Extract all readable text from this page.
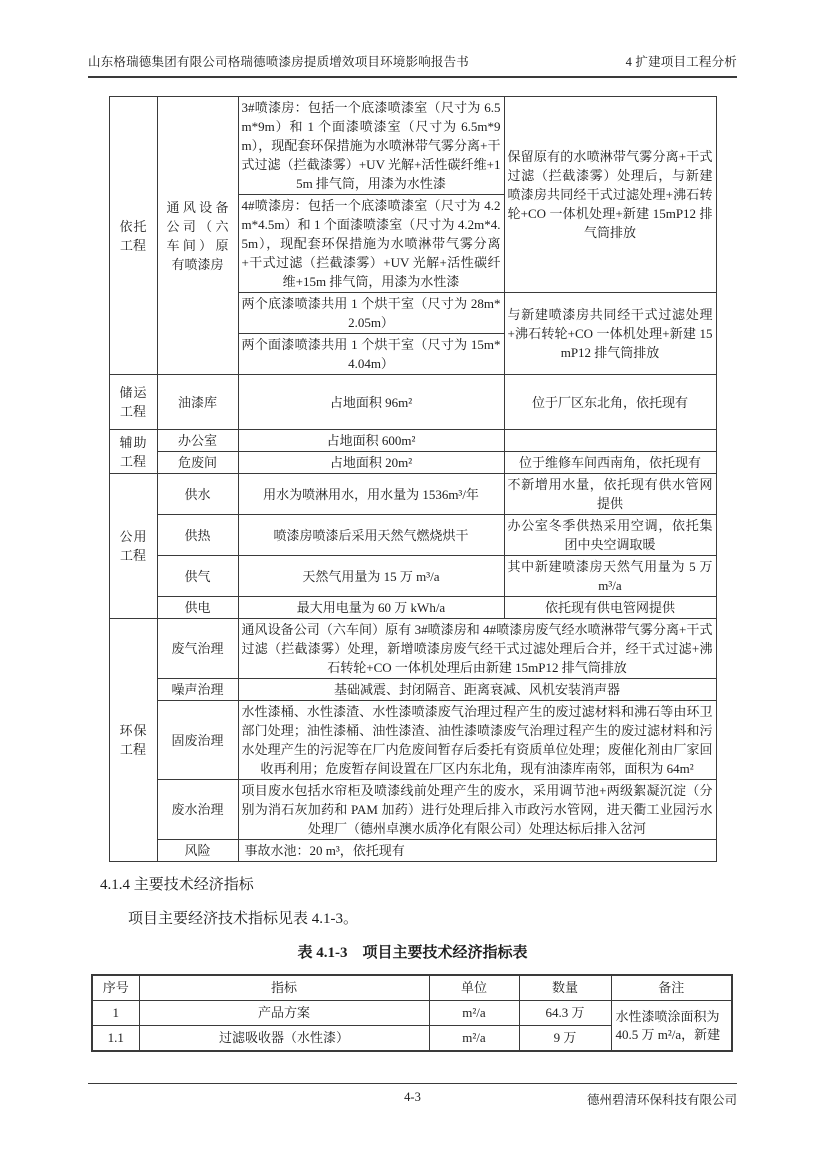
山东格瑞德集团有限公司格瑞德喷漆房提质增效项目环境影响报告书	4 扩建项目工程分析
依托工程	通风设备公司（六车间）原有喷漆房	3#喷漆房：包括一个底漆喷漆室（尺寸为 6.5m*9m）和 1 个面漆喷漆室（尺寸为 6.5m*9m），现配套环保措施为水喷淋带气雾分离+干式过滤（拦截漆雾）+UV 光解+活性碳纤维+15m 排气筒，用漆为水性漆	保留原有的水喷淋带气雾分离+干式过滤（拦截漆雾）处理后，与新建喷漆房共同经干式过滤处理+沸石转轮+CO 一体机处理+新建 15mP12 排气筒排放
		4#喷漆房：包括一个底漆喷漆室（尺寸为 4.2m*4.5m）和 1 个面漆喷漆室（尺寸为 4.2m*4.5m），现配套环保措施为水喷淋带气雾分离+干式过滤（拦截漆雾）+UV 光解+活性碳纤维+15m 排气筒，用漆为水性漆	
		两个底漆喷漆共用 1 个烘干室（尺寸为 28m*2.05m）	与新建喷漆房共同经干式过滤处理+沸石转轮+CO 一体机处理+新建 15mP12 排气筒排放
		两个面漆喷漆共用 1 个烘干室（尺寸为 15m*4.04m）	
储运工程	油漆库	占地面积 96m²	位于厂区东北角，依托现有
辅助工程	办公室	占地面积 600m²	
	危废间	占地面积 20m²	位于维修车间西南角，依托现有
公用工程	供水	用水为喷淋用水，用水量为 1536m³/年	不新增用水量，依托现有供水管网提供
	供热	喷漆房喷漆后采用天然气燃烧烘干	办公室冬季供热采用空调，依托集团中央空调取暖
	供气	天然气用量为 15 万 m³/a	其中新建喷漆房天然气用量为 5 万 m³/a
	供电	最大用电量为 60 万 kWh/a	依托现有供电管网提供
环保工程	废气治理	通风设备公司（六车间）原有 3#喷漆房和 4#喷漆房废气经水喷淋带气雾分离+干式过滤（拦截漆雾）处理，新增喷漆房废气经干式过滤处理后合并，经干式过滤+沸石转轮+CO 一体机处理后由新建 15mP12 排气筒排放	
	噪声治理	基础减震、封闭隔音、距离衰减、风机安装消声器	
	固废治理	水性漆桶、水性漆渣、水性漆喷漆废气治理过程产生的废过滤材料和沸石等由环卫部门处理；油性漆桶、油性漆渣、油性漆喷漆废气治理过程产生的废过滤材料和污水处理产生的污泥等在厂内危废间暂存后委托有资质单位处理；废催化剂由厂家回收再利用；危废暂存间设置在厂区内东北角，现有油漆库南邻，面积为 64m²	
	废水治理	项目废水包括水帘柜及喷漆线前处理产生的废水，采用调节池+两级絮凝沉淀（分别为消石灰加药和 PAM 加药）进行处理后排入市政污水管网，进天衢工业园污水处理厂（德州卓澳水质净化有限公司）处理达标后排入岔河	
	风险	事故水池：20 m³，依托现有	
4.1.4 主要技术经济指标
项目主要经济技术指标见表 4.1-3。
表 4.1-3　项目主要技术经济指标表
序号	指标	单位	数量	备注
1	产品方案	m²/a	64.3 万	水性漆喷涂面积为 40.5 万 m²/a，新建
1.1	过滤吸收器（水性漆）	m²/a	9 万	
4-3	德州碧清环保科技有限公司
